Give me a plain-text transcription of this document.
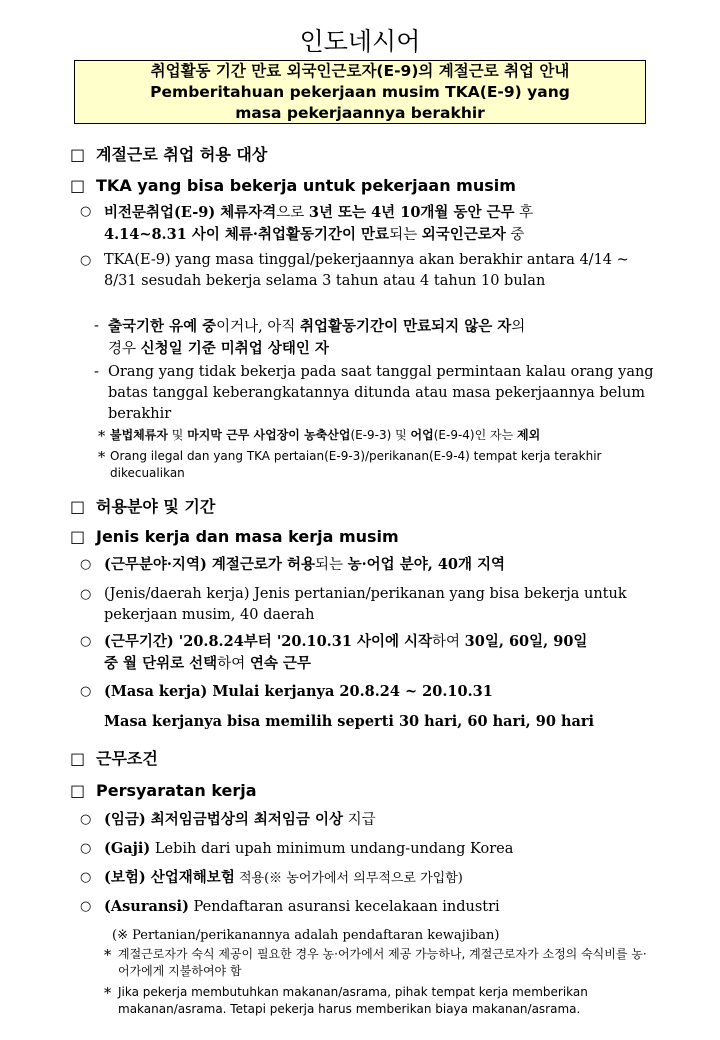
인도네시어
취업활동 기간 만료 외국인근로자(E-9)의 계절근로 취업 안내
Pemberitahuan pekerjaan musim TKA(E-9) yang
masa pekerjaannya berakhir
□ 계절근로 취업 허용 대상
□ TKA yang bisa bekerja untuk pekerjaan musim
○ 비전문취업(E-9) 체류자격으로 3년 또는 4년 10개월 동안 근무 후
4.14~8.31 사이 체류·취업활동기간이 만료되는 외국인근로자 중
○ TKA(E-9) yang masa tinggal/pekerjaannya akan berakhir antara 4/14 ~ 8/31 sesudah bekerja selama 3 tahun atau 4 tahun 10 bulan
- 출국기한 유예 중이거나, 아직 취업활동기간이 만료되지 않은 자의
경우 신청일 기준 미취업 상태인 자
- Orang yang tidak bekerja pada saat tanggal permintaan kalau orang yang batas tanggal keberangkatannya ditunda atau masa pekerjaannya belum berakhir
* 불법체류자 및 마지막 근무 사업장이 농축산업(E-9-3) 및 어업(E-9-4)인 자는 제외
* Orang ilegal dan yang TKA pertaian(E-9-3)/perikanan(E-9-4) tempat kerja terakhir dikecualikan
□ 허용분야 및 기간
□ Jenis kerja dan masa kerja musim
○ (근무분야·지역) 계절근로가 허용되는 농·어업 분야, 40개 지역
○ (Jenis/daerah kerja) Jenis pertanian/perikanan yang bisa bekerja untuk pekerjaan musim, 40 daerah
○ (근무기간) '20.8.24부터 '20.10.31 사이에 시작하여 30일, 60일, 90일
중 월 단위로 선택하여 연속 근무
○ (Masa kerja) Mulai kerjanya 20.8.24 ~ 20.10.31
Masa kerjanya bisa memilih seperti 30 hari, 60 hari, 90 hari
□ 근무조건
□ Persyaratan kerja
○ (임금) 최저임금법상의 최저임금 이상 지급
○ (Gaji) Lebih dari upah minimum undang-undang Korea
○ (보험) 산업재해보험 적용(※ 농어가에서 의무적으로 가입함)
○ (Asuransi) Pendaftaran asuransi kecelakaan industri
(※ Pertanian/perikanannya adalah pendaftaran kewajiban)
* 계절근로자가 숙식 제공이 필요한 경우 농·어가에서 제공 가능하나, 계절근로자가 소정의 숙식비를 농·어가에게 지불하여야 함
* Jika pekerja membutuhkan makanan/asrama, pihak tempat kerja memberikan makanan/asrama. Tetapi pekerja harus memberikan biaya makanan/asrama.
